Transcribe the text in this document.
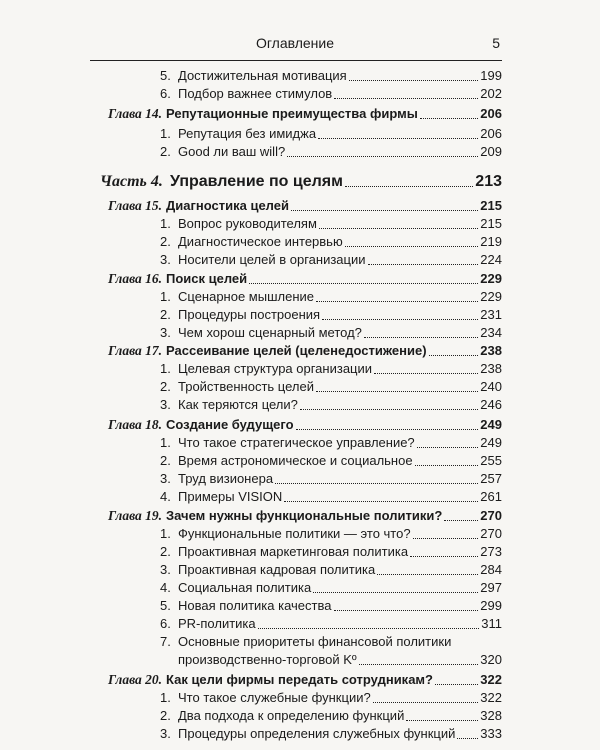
Оглавление	5
5. Достижительная мотивация	199
6. Подбор важнее стимулов	202
Глава 14. Репутационные преимущества фирмы	206
1. Репутация без имиджа	206
2. Good ли ваш will?	209
Часть 4. Управление по целям	213
Глава 15. Диагностика целей	215
1. Вопрос руководителям	215
2. Диагностическое интервью	219
3. Носители целей в организации	224
Глава 16. Поиск целей	229
1. Сценарное мышление	229
2. Процедуры построения	231
3. Чем хорош сценарный метод?	234
Глава 17. Рассеивание целей (целенедостижение)	238
1. Целевая структура организации	238
2. Тройственность целей	240
3. Как теряются цели?	246
Глава 18. Создание будущего	249
1. Что такое стратегическое управление?	249
2. Время астрономическое и социальное	255
3. Труд визионера	257
4. Примеры VISION	261
Глава 19. Зачем нужны функциональные политики?	270
1. Функциональные политики — это что?	270
2. Проактивная маркетинговая политика	273
3. Проактивная кадровая политика	284
4. Социальная политика	297
5. Новая политика качества	299
6. PR-политика	311
7. Основные приоритеты финансовой политики
производственно-торговой Kº	320
Глава 20. Как цели фирмы передать сотрудникам?	322
1. Что такое служебные функции?	322
2. Два подхода к определению функций	328
3. Процедуры определения служебных функций 333
